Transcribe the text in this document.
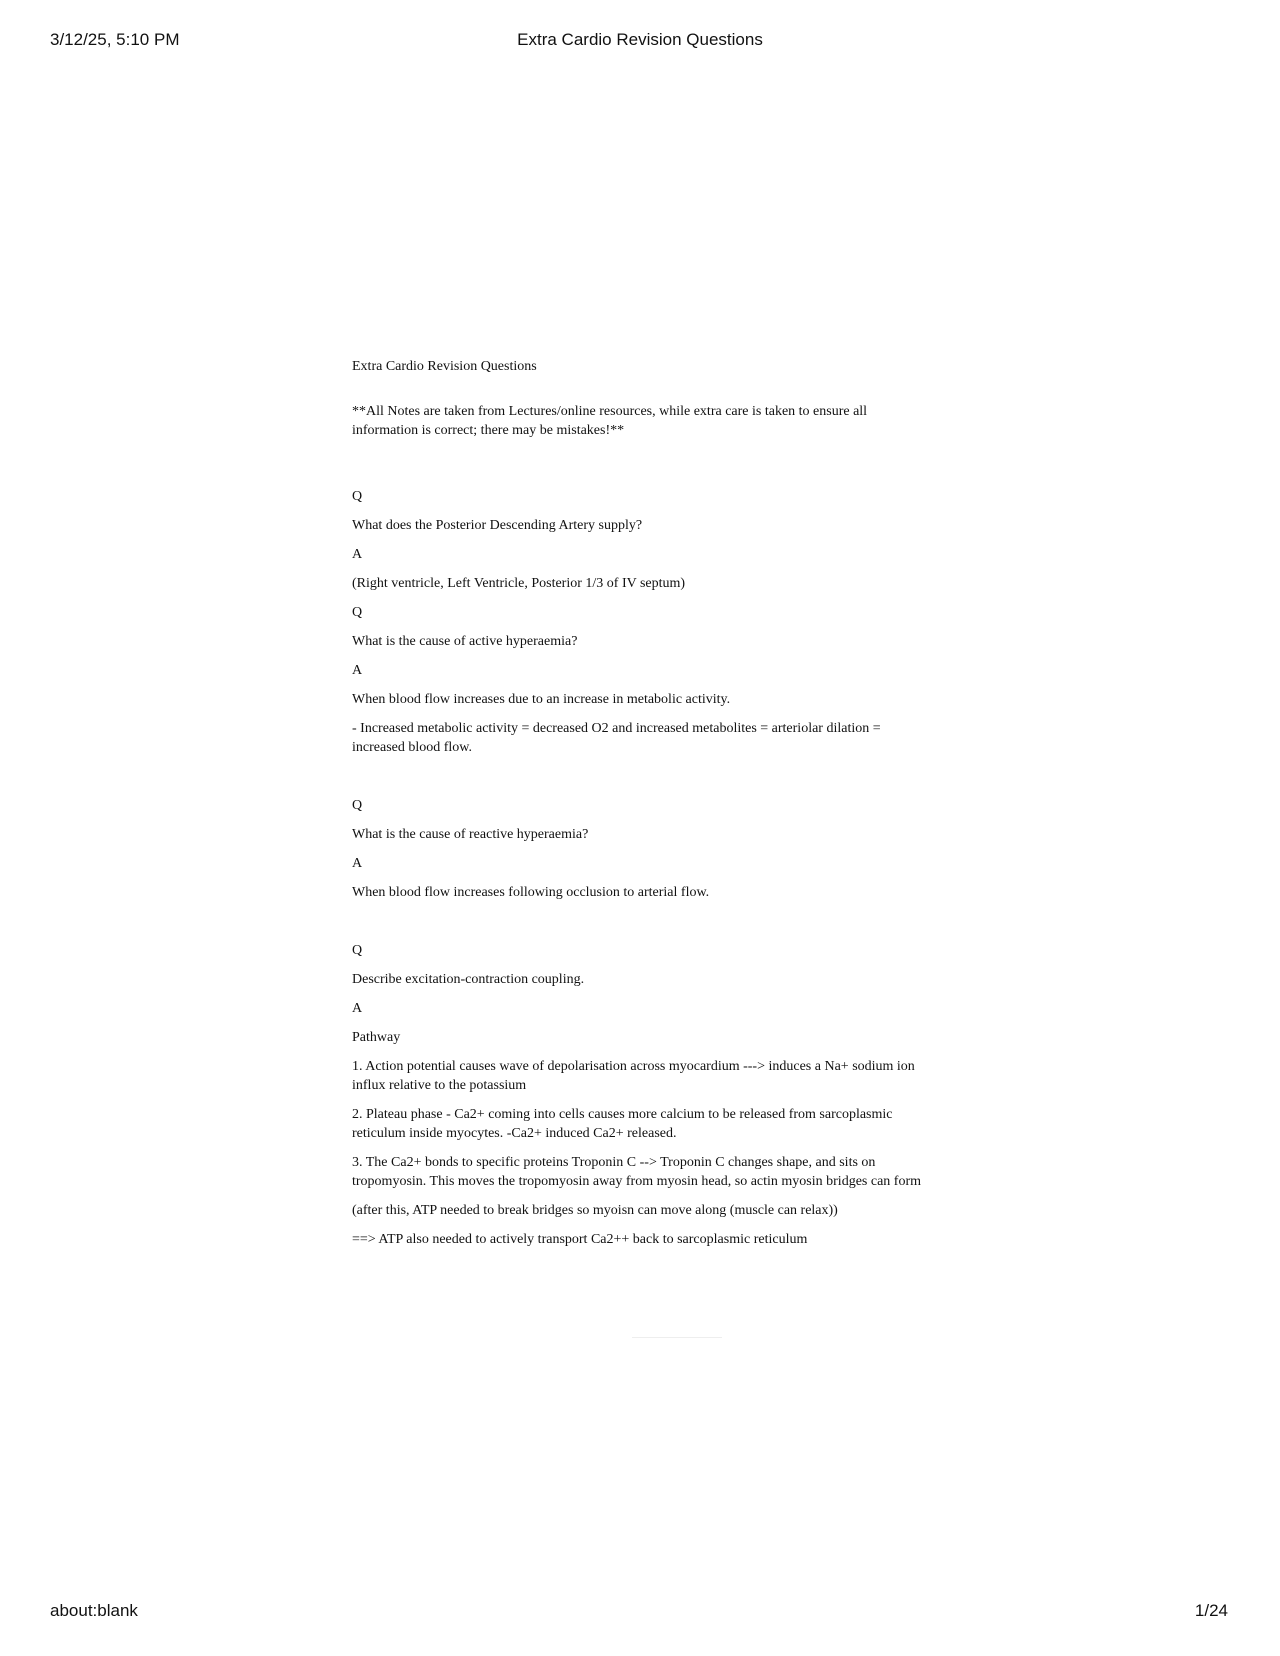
3/12/25, 5:10 PM	Extra Cardio Revision Questions

Extra Cardio Revision Questions

**All Notes are taken from Lectures/online resources, while extra care is taken to ensure all information is correct; there may be mistakes!**

Q

What does the Posterior Descending Artery supply?

A

(Right ventricle, Left Ventricle, Posterior 1/3 of IV septum)

Q

What is the cause of active hyperaemia?

A

When blood flow increases due to an increase in metabolic activity.

- Increased metabolic activity = decreased O2 and increased metabolites = arteriolar dilation = increased blood flow.

Q

What is the cause of reactive hyperaemia?

A

When blood flow increases following occlusion to arterial flow.

Q

Describe excitation-contraction coupling.

A

Pathway

1. Action potential causes wave of depolarisation across myocardium ---> induces a Na+ sodium ion influx relative to the potassium

2. Plateau phase - Ca2+ coming into cells causes more calcium to be released from sarcoplasmic reticulum inside myocytes. -Ca2+ induced Ca2+ released.

3. The Ca2+ bonds to specific proteins Troponin C --> Troponin C changes shape, and sits on tropomyosin. This moves the tropomyosin away from myosin head, so actin myosin bridges can form

(after this, ATP needed to break bridges so myoisn can move along (muscle can relax))

==> ATP also needed to actively transport Ca2++ back to sarcoplasmic reticulum

about:blank	1/24
